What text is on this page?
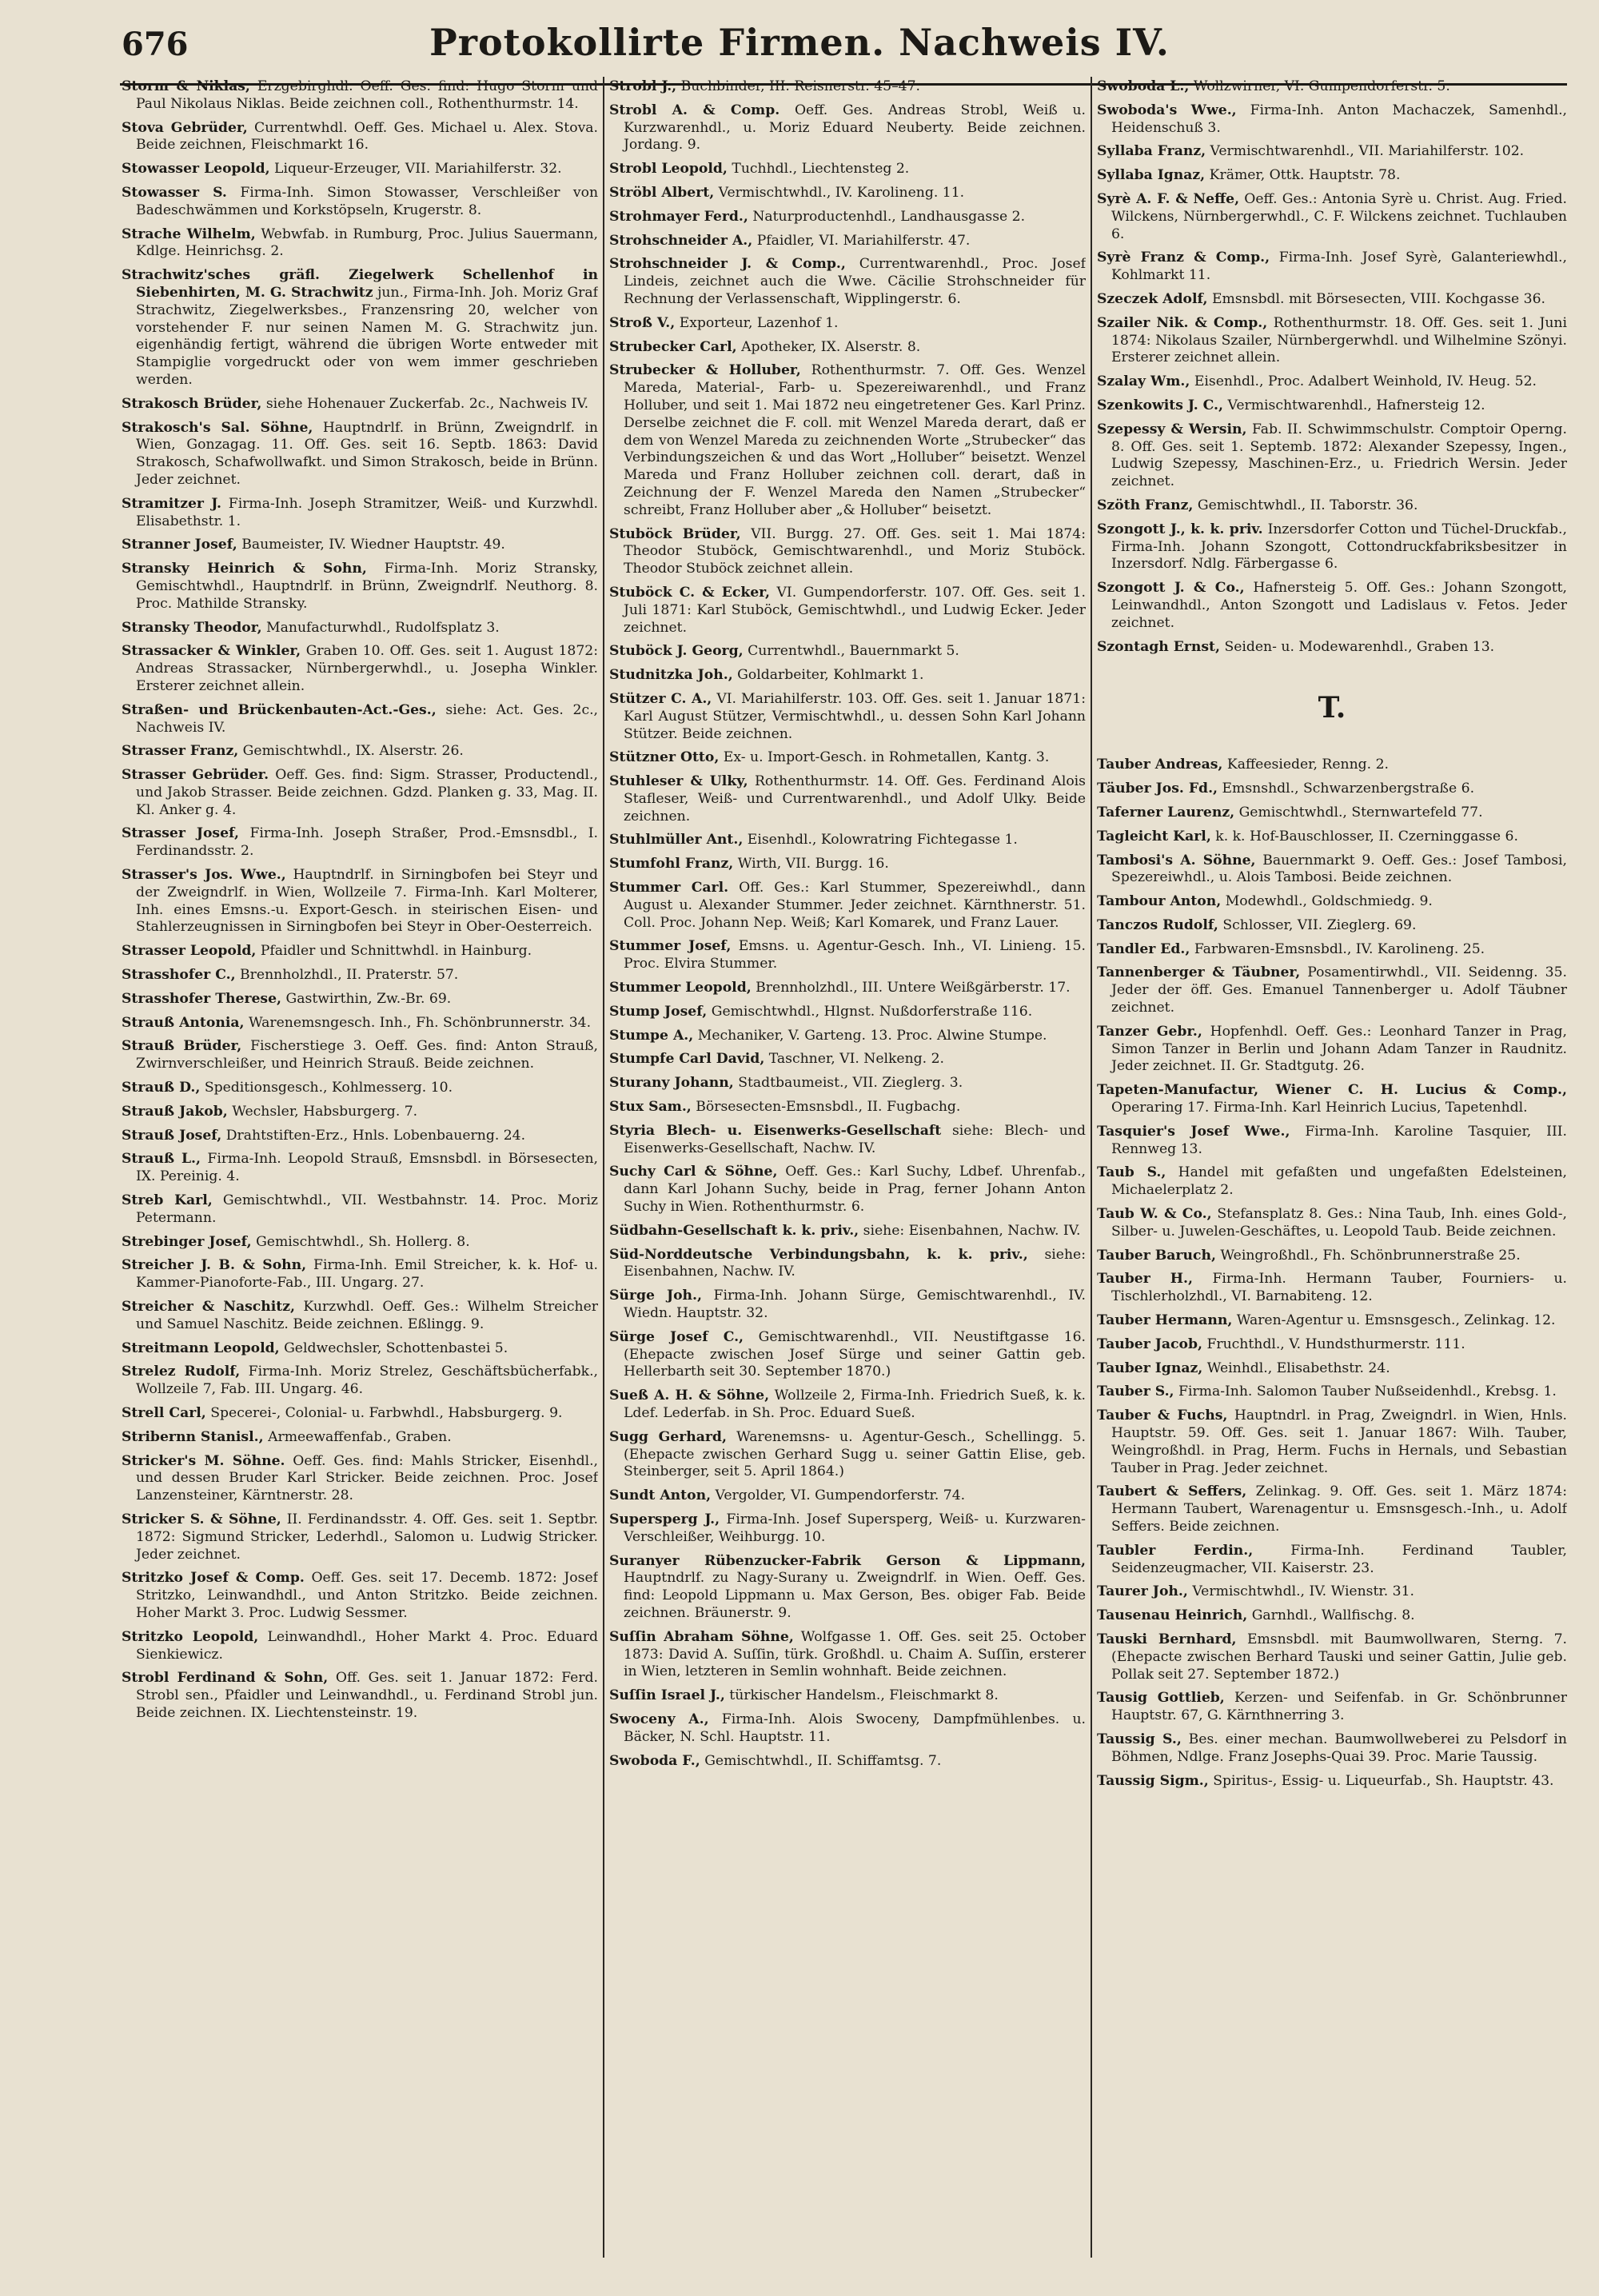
676	Protokollirte Firmen. Nachweis IV.

Storm & Niklas, Erzgebirghdl. Oeff. Ges. find: Hugo Storm und Paul Nikolaus Niklas. Beide zeichnen coll., Rothenthurmstr. 14.

Stova Gebrüder, Currentwhdl. Oeff. Ges. Michael u. Alex. Stova. Beide zeichnen, Fleischmarkt 16.

Stowasser Leopold, Liqueur-Erzeuger, VII. Mariahilferstr. 32.

Stowasser S. Firma-Inh. Simon Stowasser, Verschleißer von Badeschwämmen und Korkstöpseln, Krugerstr. 8.

Strache Wilhelm, Webwfab. in Rumburg, Proc. Julius Sauermann, Kdlge. Heinrichsg. 2.

Strachwitz'sches gräfl. Ziegelwerk Schellenhof in Siebenhirten, M. G. Strachwitz jun., Firma-Inh. Joh. Moriz Graf Strachwitz, Ziegelwerksbes., Franzensring 20, welcher von vorstehender F. nur seinen Namen M. G. Strachwitz jun. eigenhändig fertigt, während die übrigen Worte entweder mit Stampiglie vorgedruckt oder von wem immer geschrieben werden.

Strakosch Brüder, siehe Hohenauer Zuckerfab. 2c., Nachweis IV.

Strakosch's Sal. Söhne, Hauptndrlf. in Brünn, Zweigndrlf. in Wien, Gonzagag. 11. Off. Ges. seit 16. Septb. 1863: David Strakosch, Schafwollwafkt. und Simon Strakosch, beide in Brünn. Jeder zeichnet.

Stramitzer J. Firma-Inh. Joseph Stramitzer, Weiß- und Kurzwhdl. Elisabethstr. 1.

Stranner Josef, Baumeister, IV. Wiedner Hauptstr. 49.

Stransky Heinrich & Sohn, Firma-Inh. Moriz Stransky, Gemischtwhdl., Hauptndrlf. in Brünn, Zweigndrlf. Neuthorg. 8. Proc. Mathilde Stransky.

Stransky Theodor, Manufacturwhdl., Rudolfsplatz 3.

Strassacker & Winkler, Graben 10. Off. Ges. seit 1. August 1872: Andreas Strassacker, Nürnbergerwhdl., u. Josepha Winkler. Ersterer zeichnet allein.

Straßen- und Brückenbauten-Act.-Ges., siehe: Act. Ges. 2c., Nachweis IV.

Strasser Franz, Gemischtwhdl., IX. Alserstr. 26.

Strasser Gebrüder. Oeff. Ges. find: Sigm. Strasser, Productendl., und Jakob Strasser. Beide zeichnen. Gdzd. Planken g. 33, Mag. II. Kl. Anker g. 4.

Strasser Josef, Firma-Inh. Joseph Straßer, Prod.-Emsnsdbl., I. Ferdinandsstr. 2.

Strasser's Jos. Wwe., Hauptndrlf. in Sirningbofen bei Steyr und der Zweigndrlf. in Wien, Wollzeile 7. Firma-Inh. Karl Molterer, Inh. eines Emsns.-u. Export-Gesch. in steirischen Eisen- und Stahlerzeugnissen in Sirningbofen bei Steyr in Ober-Oesterreich.

Strasser Leopold, Pfaidler und Schnittwhdl. in Hainburg.

Strasshofer C., Brennholzhdl., II. Praterstr. 57.

Strasshofer Therese, Gastwirthin, Zw.-Br. 69.

Strauß Antonia, Warenemsngesch. Inh., Fh. Schönbrunnerstr. 34.

Strauß Brüder, Fischerstiege 3. Oeff. Ges. find: Anton Strauß, Zwirnverschleißer, und Heinrich Strauß. Beide zeichnen.

Strauß D., Speditionsgesch., Kohlmesserg. 10.

Strauß Jakob, Wechsler, Habsburgerg. 7.

Strauß Josef, Drahtstiften-Erz., Hnls. Lobenbauerng. 24.

Strauß L., Firma-Inh. Leopold Strauß, Emsnsbdl. in Börsesecten, IX. Pereinig. 4.

Streb Karl, Gemischtwhdl., VII. Westbahnstr. 14. Proc. Moriz Petermann.

Strebinger Josef, Gemischtwhdl., Sh. Hollerg. 8.

Streicher J. B. & Sohn, Firma-Inh. Emil Streicher, k. k. Hof- u. Kammer-Pianoforte-Fab., III. Ungarg. 27.

Streicher & Naschitz, Kurzwhdl. Oeff. Ges.: Wilhelm Streicher und Samuel Naschitz. Beide zeichnen. Eßlingg. 9.

Streitmann Leopold, Geldwechsler, Schottenbastei 5.

Strelez Rudolf, Firma-Inh. Moriz Strelez, Geschäftsbücherfabk., Wollzeile 7, Fab. III. Ungarg. 46.

Strell Carl, Specerei-, Colonial- u. Farbwhdl., Habsburgerg. 9.

Stribernn Stanisl., Armeewaffenfab., Graben.

Stricker's M. Söhne. Oeff. Ges. find: Mahls Stricker, Eisenhdl., und dessen Bruder Karl Stricker. Beide zeichnen. Proc. Josef Lanzensteiner, Kärntnerstr. 28.

Stricker S. & Söhne, II. Ferdinandsstr. 4. Off. Ges. seit 1. Septbr. 1872: Sigmund Stricker, Lederhdl., Salomon u. Ludwig Stricker. Jeder zeichnet.

Stritzko Josef & Comp. Oeff. Ges. seit 17. Decemb. 1872: Josef Stritzko, Leinwandhdl., und Anton Stritzko. Beide zeichnen. Hoher Markt 3. Proc. Ludwig Sessmer.

Stritzko Leopold, Leinwandhdl., Hoher Markt 4. Proc. Eduard Sienkiewicz.

Strobl Ferdinand & Sohn, Off. Ges. seit 1. Januar 1872: Ferd. Strobl sen., Pfaidler und Leinwandhdl., u. Ferdinand Strobl jun. Beide zeichnen. IX. Liechtensteinstr. 19.

Strobl J., Buchbinder, III. Reisnerstr. 45–47.

Strobl A. & Comp. Oeff. Ges. Andreas Strobl, Weiß u. Kurzwarenhdl., u. Moriz Eduard Neuberty. Beide zeichnen. Jordang. 9.

Strobl Leopold, Tuchhdl., Liechtensteg 2.

Ströbl Albert, Vermischtwhdl., IV. Karolineng. 11.

Strohmayer Ferd., Naturproductenhdl., Landhausgasse 2.

Strohschneider A., Pfaidler, VI. Mariahilferstr. 47.

Strohschneider J. & Comp., Currentwarenhdl., Proc. Josef Lindeis, zeichnet auch die Wwe. Cäcilie Strohschneider für Rechnung der Verlassenschaft, Wipplingerstr. 6.

Stroß V., Exporteur, Lazenhof 1.

Strubecker Carl, Apotheker, IX. Alserstr. 8.

Strubecker & Holluber, Rothenthurmstr. 7. Off. Ges. Wenzel Mareda, Material-, Farb- u. Spezereiwarenhdl., und Franz Holluber, und seit 1. Mai 1872 neu eingetretener Ges. Karl Prinz. Derselbe zeichnet die F. coll. mit Wenzel Mareda derart, daß er dem von Wenzel Mareda zu zeichnenden Worte „Strubecker“ das Verbindungszeichen & und das Wort „Holluber“ beisetzt. Wenzel Mareda und Franz Holluber zeichnen coll. derart, daß in Zeichnung der F. Wenzel Mareda den Namen „Strubecker“ schreibt, Franz Holluber aber „& Holluber“ beisetzt.

Stuböck Brüder, VII. Burgg. 27. Off. Ges. seit 1. Mai 1874: Theodor Stuböck, Gemischtwarenhdl., und Moriz Stuböck. Theodor Stuböck zeichnet allein.

Stuböck C. & Ecker, VI. Gumpendorferstr. 107. Off. Ges. seit 1. Juli 1871: Karl Stuböck, Gemischtwhdl., und Ludwig Ecker. Jeder zeichnet.

Stuböck J. Georg, Currentwhdl., Bauernmarkt 5.

Studnitzka Joh., Goldarbeiter, Kohlmarkt 1.

Stützer C. A., VI. Mariahilferstr. 103. Off. Ges. seit 1. Januar 1871: Karl August Stützer, Vermischtwhdl., u. dessen Sohn Karl Johann Stützer. Beide zeichnen.

Stützner Otto, Ex- u. Import-Gesch. in Rohmetallen, Kantg. 3.

Stuhleser & Ulky, Rothenthurmstr. 14. Off. Ges. Ferdinand Alois Stafleser, Weiß- und Currentwarenhdl., und Adolf Ulky. Beide zeichnen.

Stuhlmüller Ant., Eisenhdl., Kolowratring Fichtegasse 1.

Stumfohl Franz, Wirth, VII. Burgg. 16.

Stummer Carl. Off. Ges.: Karl Stummer, Spezereiwhdl., dann August u. Alexander Stummer. Jeder zeichnet. Kärnthnerstr. 51. Coll. Proc. Johann Nep. Weiß; Karl Komarek, und Franz Lauer.

Stummer Josef, Emsns. u. Agentur-Gesch. Inh., VI. Linieng. 15. Proc. Elvira Stummer.

Stummer Leopold, Brennholzhdl., III. Untere Weißgärberstr. 17.

Stump Josef, Gemischtwhdl., Hlgnst. Nußdorferstraße 116.

Stumpe A., Mechaniker, V. Garteng. 13. Proc. Alwine Stumpe.

Stumpfe Carl David, Taschner, VI. Nelkeng. 2.

Sturany Johann, Stadtbaumeist., VII. Zieglerg. 3.

Stux Sam., Börsesecten-Emsnsbdl., II. Fugbachg.

Styria Blech- u. Eisenwerks-Gesellschaft siehe: Blech- und Eisenwerks-Gesellschaft, Nachw. IV.

Suchy Carl & Söhne, Oeff. Ges.: Karl Suchy, Ldbef. Uhrenfab., dann Karl Johann Suchy, beide in Prag, ferner Johann Anton Suchy in Wien. Rothenthurmstr. 6.

Südbahn-Gesellschaft k. k. priv., siehe: Eisenbahnen, Nachw. IV.

Süd-Norddeutsche Verbindungsbahn, k. k. priv., siehe: Eisenbahnen, Nachw. IV.

Sürge Joh., Firma-Inh. Johann Sürge, Gemischtwarenhdl., IV. Wiedn. Hauptstr. 32.

Sürge Josef C., Gemischtwarenhdl., VII. Neustiftgasse 16. (Ehepacte zwischen Josef Sürge und seiner Gattin geb. Hellerbarth seit 30. September 1870.)

Sueß A. H. & Söhne, Wollzeile 2, Firma-Inh. Friedrich Sueß, k. k. Ldef. Lederfab. in Sh. Proc. Eduard Sueß.

Sugg Gerhard, Warenemsns- u. Agentur-Gesch., Schellingg. 5. (Ehepacte zwischen Gerhard Sugg u. seiner Gattin Elise, geb. Steinberger, seit 5. April 1864.)

Sundt Anton, Vergolder, VI. Gumpendorferstr. 74.

Supersperg J., Firma-Inh. Josef Supersperg, Weiß- u. Kurzwaren-Verschleißer, Weihburgg. 10.

Suranyer Rübenzucker-Fabrik Gerson & Lippmann, Hauptndrlf. zu Nagy-Surany u. Zweigndrlf. in Wien. Oeff. Ges. find: Leopold Lippmann u. Max Gerson, Bes. obiger Fab. Beide zeichnen. Bräunerstr. 9.

Suſſin Abraham Söhne, Wolfgasse 1. Off. Ges. seit 25. October 1873: David A. Suſſin, türk. Großhdl. u. Chaim A. Suſſin, ersterer in Wien, letzteren in Semlin wohnhaft. Beide zeichnen.

Suſſin Israel J., türkischer Handelsm., Fleischmarkt 8.

Swoceny A., Firma-Inh. Alois Swoceny, Dampfmühlenbes. u. Bäcker, N. Schl. Hauptstr. 11.

Swoboda F., Gemischtwhdl., II. Schiffamtsg. 7.

Swoboda L., Wollzwirner, VI. Gumpendorferstr. 5.

Swoboda's Wwe., Firma-Inh. Anton Machaczek, Samenhdl., Heidenschuß 3.

Syllaba Franz, Vermischtwarenhdl., VII. Mariahilferstr. 102.

Syllaba Ignaz, Krämer, Ottk. Hauptstr. 78.

Syrè A. F. & Neffe, Oeff. Ges.: Antonia Syrè u. Christ. Aug. Fried. Wilckens, Nürnbergerwhdl., C. F. Wilckens zeichnet. Tuchlauben 6.

Syrè Franz & Comp., Firma-Inh. Josef Syrè, Galanteriewhdl., Kohlmarkt 11.

Szeczek Adolf, Emsnsbdl. mit Börsesecten, VIII. Kochgasse 36.

Szailer Nik. & Comp., Rothenthurmstr. 18. Off. Ges. seit 1. Juni 1874: Nikolaus Szailer, Nürnbergerwhdl. und Wilhelmine Szönyi. Ersterer zeichnet allein.

Szalay Wm., Eisenhdl., Proc. Adalbert Weinhold, IV. Heug. 52.

Szenkowits J. C., Vermischtwarenhdl., Hafnersteig 12.

Szepessy & Wersin, Fab. II. Schwimmschulstr. Comptoir Operng. 8. Off. Ges. seit 1. Septemb. 1872: Alexander Szepessy, Ingen., Ludwig Szepessy, Maschinen-Erz., u. Friedrich Wersin. Jeder zeichnet.

Szöth Franz, Gemischtwhdl., II. Taborstr. 36.

Szongott J., k. k. priv. Inzersdorfer Cotton und Tüchel-Druckfab., Firma-Inh. Johann Szongott, Cottondruckfabriksbesitzer in Inzersdorf. Ndlg. Färbergasse 6.

Szongott J. & Co., Hafnersteig 5. Off. Ges.: Johann Szongott, Leinwandhdl., Anton Szongott und Ladislaus v. Fetos. Jeder zeichnet.

Szontagh Ernst, Seiden- u. Modewarenhdl., Graben 13.

T.

Tauber Andreas, Kaffeesieder, Renng. 2.

Täuber Jos. Fd., Emsnshdl., Schwarzenbergstraße 6.

Taferner Laurenz, Gemischtwhdl., Sternwartefeld 77.

Tagleicht Karl, k. k. Hof-Bauschlosser, II. Czerninggasse 6.

Tambosi's A. Söhne, Bauernmarkt 9. Oeff. Ges.: Josef Tambosi, Spezereiwhdl., u. Alois Tambosi. Beide zeichnen.

Tambour Anton, Modewhdl., Goldschmiedg. 9.

Tanczos Rudolf, Schlosser, VII. Zieglerg. 69.

Tandler Ed., Farbwaren-Emsnsbdl., IV. Karolineng. 25.

Tannenberger & Täubner, Posamentirwhdl., VII. Seidenng. 35. Jeder der öff. Ges. Emanuel Tannenberger u. Adolf Täubner zeichnet.

Tanzer Gebr., Hopfenhdl. Oeff. Ges.: Leonhard Tanzer in Prag, Simon Tanzer in Berlin und Johann Adam Tanzer in Raudnitz. Jeder zeichnet. II. Gr. Stadtgutg. 26.

Tapeten-Manufactur, Wiener C. H. Lucius & Comp., Operaring 17. Firma-Inh. Karl Heinrich Lucius, Tapetenhdl.

Tasquier's Josef Wwe., Firma-Inh. Karoline Tasquier, III. Rennweg 13.

Taub S., Handel mit gefaßten und ungefaßten Edelsteinen, Michaelerplatz 2.

Taub W. & Co., Stefansplatz 8. Ges.: Nina Taub, Inh. eines Gold-, Silber- u. Juwelen-Geschäftes, u. Leopold Taub. Beide zeichnen.

Tauber Baruch, Weingroßhdl., Fh. Schönbrunnerstraße 25.

Tauber H., Firma-Inh. Hermann Tauber, Fourniers- u. Tischlerholzhdl., VI. Barnabiteng. 12.

Tauber Hermann, Waren-Agentur u. Emsnsgesch., Zelinkag. 12.

Tauber Jacob, Fruchthdl., V. Hundsthurmerstr. 111.

Tauber Ignaz, Weinhdl., Elisabethstr. 24.

Tauber S., Firma-Inh. Salomon Tauber Nußseidenhdl., Krebsg. 1.

Tauber & Fuchs, Hauptndrl. in Prag, Zweigndrl. in Wien, Hnls. Hauptstr. 59. Off. Ges. seit 1. Januar 1867: Wilh. Tauber, Weingroßhdl. in Prag, Herm. Fuchs in Hernals, und Sebastian Tauber in Prag. Jeder zeichnet.

Taubert & Seffers, Zelinkag. 9. Off. Ges. seit 1. März 1874: Hermann Taubert, Warenagentur u. Emsnsgesch.-Inh., u. Adolf Seffers. Beide zeichnen.

Taubler Ferdin.,	Firma-Inh. Ferdinand Taubler, Seidenzeugmacher, VII. Kaiserstr. 23.

Taurer Joh., Vermischtwhdl., IV. Wienstr. 31.

Tausenau Heinrich, Garnhdl., Wallfischg. 8.

Tauski Bernhard, Emsnsbdl. mit Baumwollwaren, Sterng. 7. (Ehepacte zwischen Berhard Tauski und seiner Gattin, Julie geb. Pollak seit 27. September 1872.)

Tausig Gottlieb, Kerzen- und Seifenfab. in Gr. Schönbrunner Hauptstr. 67, G. Kärnthnerring 3.

Taussig S., Bes. einer mechan. Baumwollweberei zu Pelsdorf in Böhmen, Ndlge. Franz Josephs-Quai 39. Proc. Marie Taussig.

Taussig Sigm., Spiritus-, Essig- u. Liqueurfab., Sh. Hauptstr. 43.
